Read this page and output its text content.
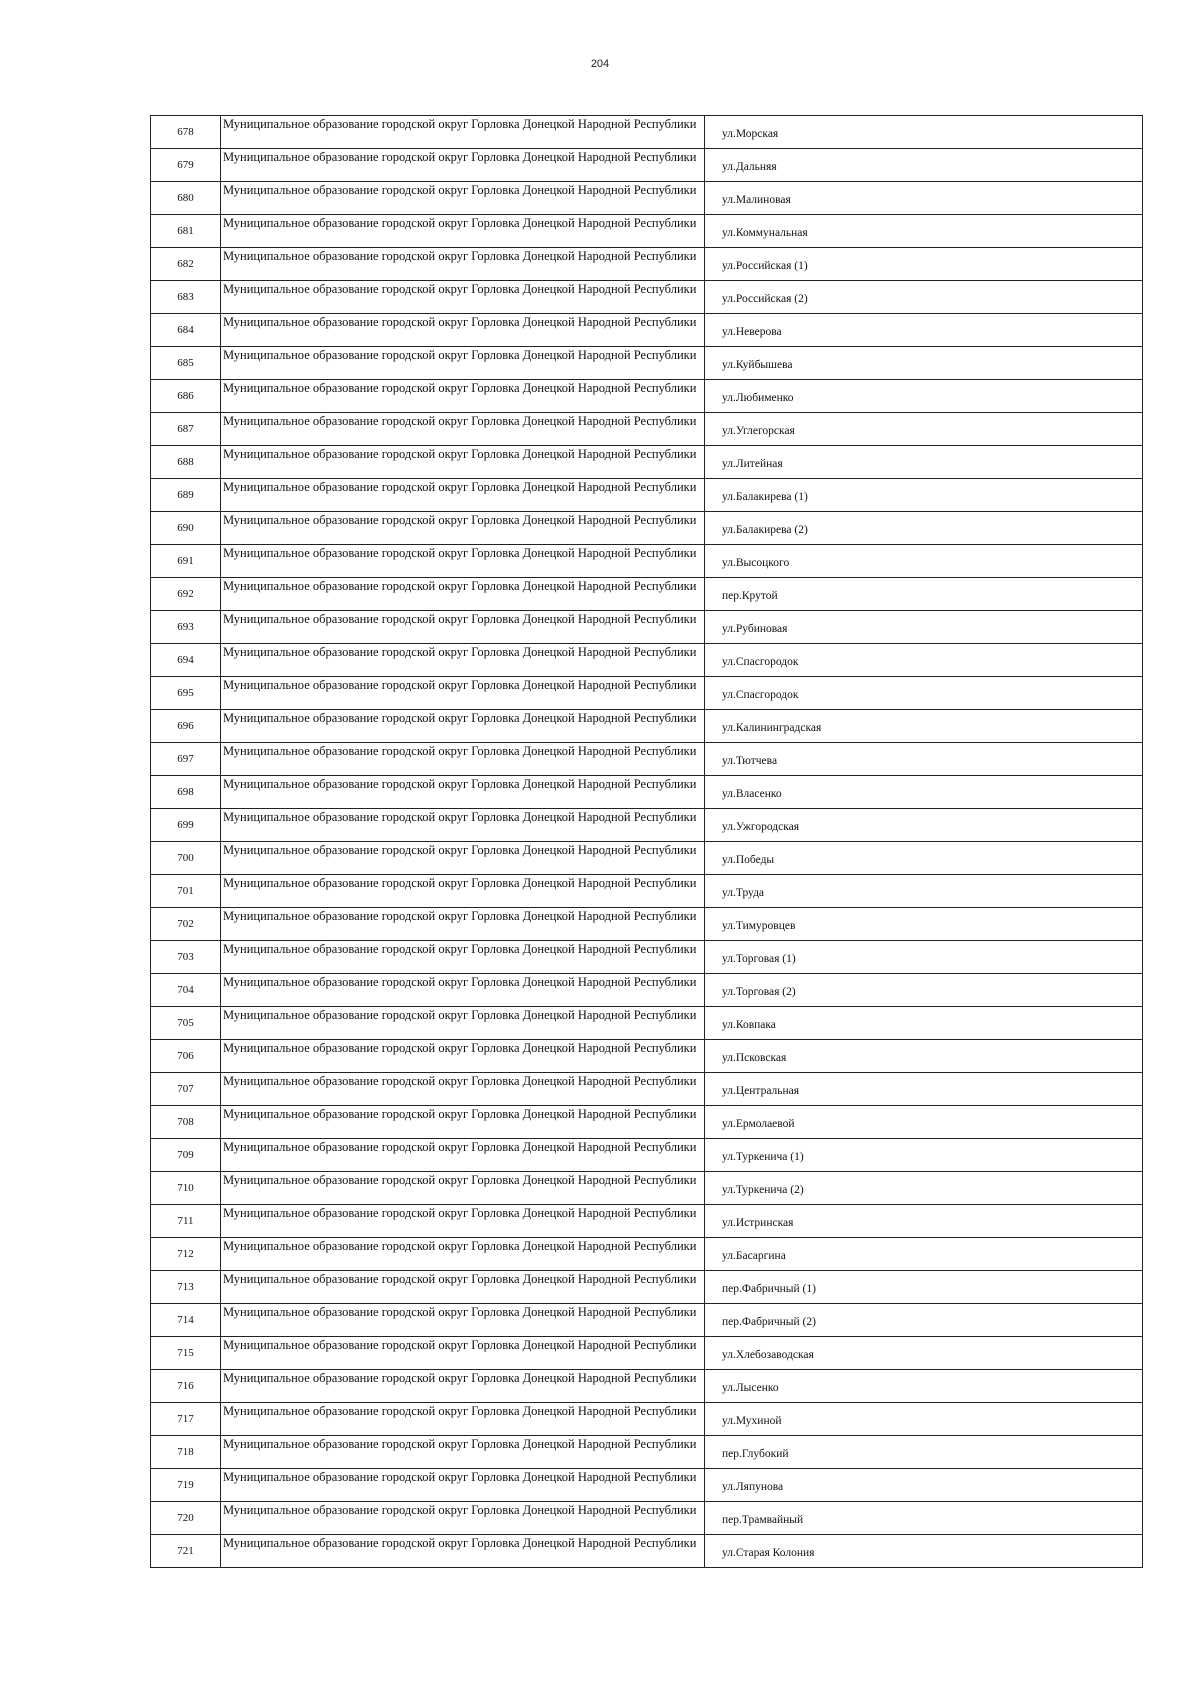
204
678	Муниципальное образование городской округ Горловка Донецкой Народной Республики	ул.Морская
679	Муниципальное образование городской округ Горловка Донецкой Народной Республики	ул.Дальняя
680	Муниципальное образование городской округ Горловка Донецкой Народной Республики	ул.Малиновая
681	Муниципальное образование городской округ Горловка Донецкой Народной Республики	ул.Коммунальная
682	Муниципальное образование городской округ Горловка Донецкой Народной Республики	ул.Российская (1)
683	Муниципальное образование городской округ Горловка Донецкой Народной Республики	ул.Российская (2)
684	Муниципальное образование городской округ Горловка Донецкой Народной Республики	ул.Неверова
685	Муниципальное образование городской округ Горловка Донецкой Народной Республики	ул.Куйбышева
686	Муниципальное образование городской округ Горловка Донецкой Народной Республики	ул.Любименко
687	Муниципальное образование городской округ Горловка Донецкой Народной Республики	ул.Углегорская
688	Муниципальное образование городской округ Горловка Донецкой Народной Республики	ул.Литейная
689	Муниципальное образование городской округ Горловка Донецкой Народной Республики	ул.Балакирева (1)
690	Муниципальное образование городской округ Горловка Донецкой Народной Республики	ул.Балакирева (2)
691	Муниципальное образование городской округ Горловка Донецкой Народной Республики	ул.Высоцкого
692	Муниципальное образование городской округ Горловка Донецкой Народной Республики	пер.Крутой
693	Муниципальное образование городской округ Горловка Донецкой Народной Республики	ул.Рубиновая
694	Муниципальное образование городской округ Горловка Донецкой Народной Республики	ул.Спасгородок
695	Муниципальное образование городской округ Горловка Донецкой Народной Республики	ул.Спасгородок
696	Муниципальное образование городской округ Горловка Донецкой Народной Республики	ул.Калининградская
697	Муниципальное образование городской округ Горловка Донецкой Народной Республики	ул.Тютчева
698	Муниципальное образование городской округ Горловка Донецкой Народной Республики	ул.Власенко
699	Муниципальное образование городской округ Горловка Донецкой Народной Республики	ул.Ужгородская
700	Муниципальное образование городской округ Горловка Донецкой Народной Республики	ул.Победы
701	Муниципальное образование городской округ Горловка Донецкой Народной Республики	ул.Труда
702	Муниципальное образование городской округ Горловка Донецкой Народной Республики	ул.Тимуровцев
703	Муниципальное образование городской округ Горловка Донецкой Народной Республики	ул.Торговая (1)
704	Муниципальное образование городской округ Горловка Донецкой Народной Республики	ул.Торговая (2)
705	Муниципальное образование городской округ Горловка Донецкой Народной Республики	ул.Ковпака
706	Муниципальное образование городской округ Горловка Донецкой Народной Республики	ул.Псковская
707	Муниципальное образование городской округ Горловка Донецкой Народной Республики	ул.Центральная
708	Муниципальное образование городской округ Горловка Донецкой Народной Республики	ул.Ермолаевой
709	Муниципальное образование городской округ Горловка Донецкой Народной Республики	ул.Туркенича (1)
710	Муниципальное образование городской округ Горловка Донецкой Народной Республики	ул.Туркенича (2)
711	Муниципальное образование городской округ Горловка Донецкой Народной Республики	ул.Истринская
712	Муниципальное образование городской округ Горловка Донецкой Народной Республики	ул.Басаргина
713	Муниципальное образование городской округ Горловка Донецкой Народной Республики	пер.Фабричный (1)
714	Муниципальное образование городской округ Горловка Донецкой Народной Республики	пер.Фабричный (2)
715	Муниципальное образование городской округ Горловка Донецкой Народной Республики	ул.Хлебозаводская
716	Муниципальное образование городской округ Горловка Донецкой Народной Республики	ул.Лысенко
717	Муниципальное образование городской округ Горловка Донецкой Народной Республики	ул.Мухиной
718	Муниципальное образование городской округ Горловка Донецкой Народной Республики	пер.Глубокий
719	Муниципальное образование городской округ Горловка Донецкой Народной Республики	ул.Ляпунова
720	Муниципальное образование городской округ Горловка Донецкой Народной Республики	пер.Трамвайный
721	Муниципальное образование городской округ Горловка Донецкой Народной Республики	ул.Старая Колония
